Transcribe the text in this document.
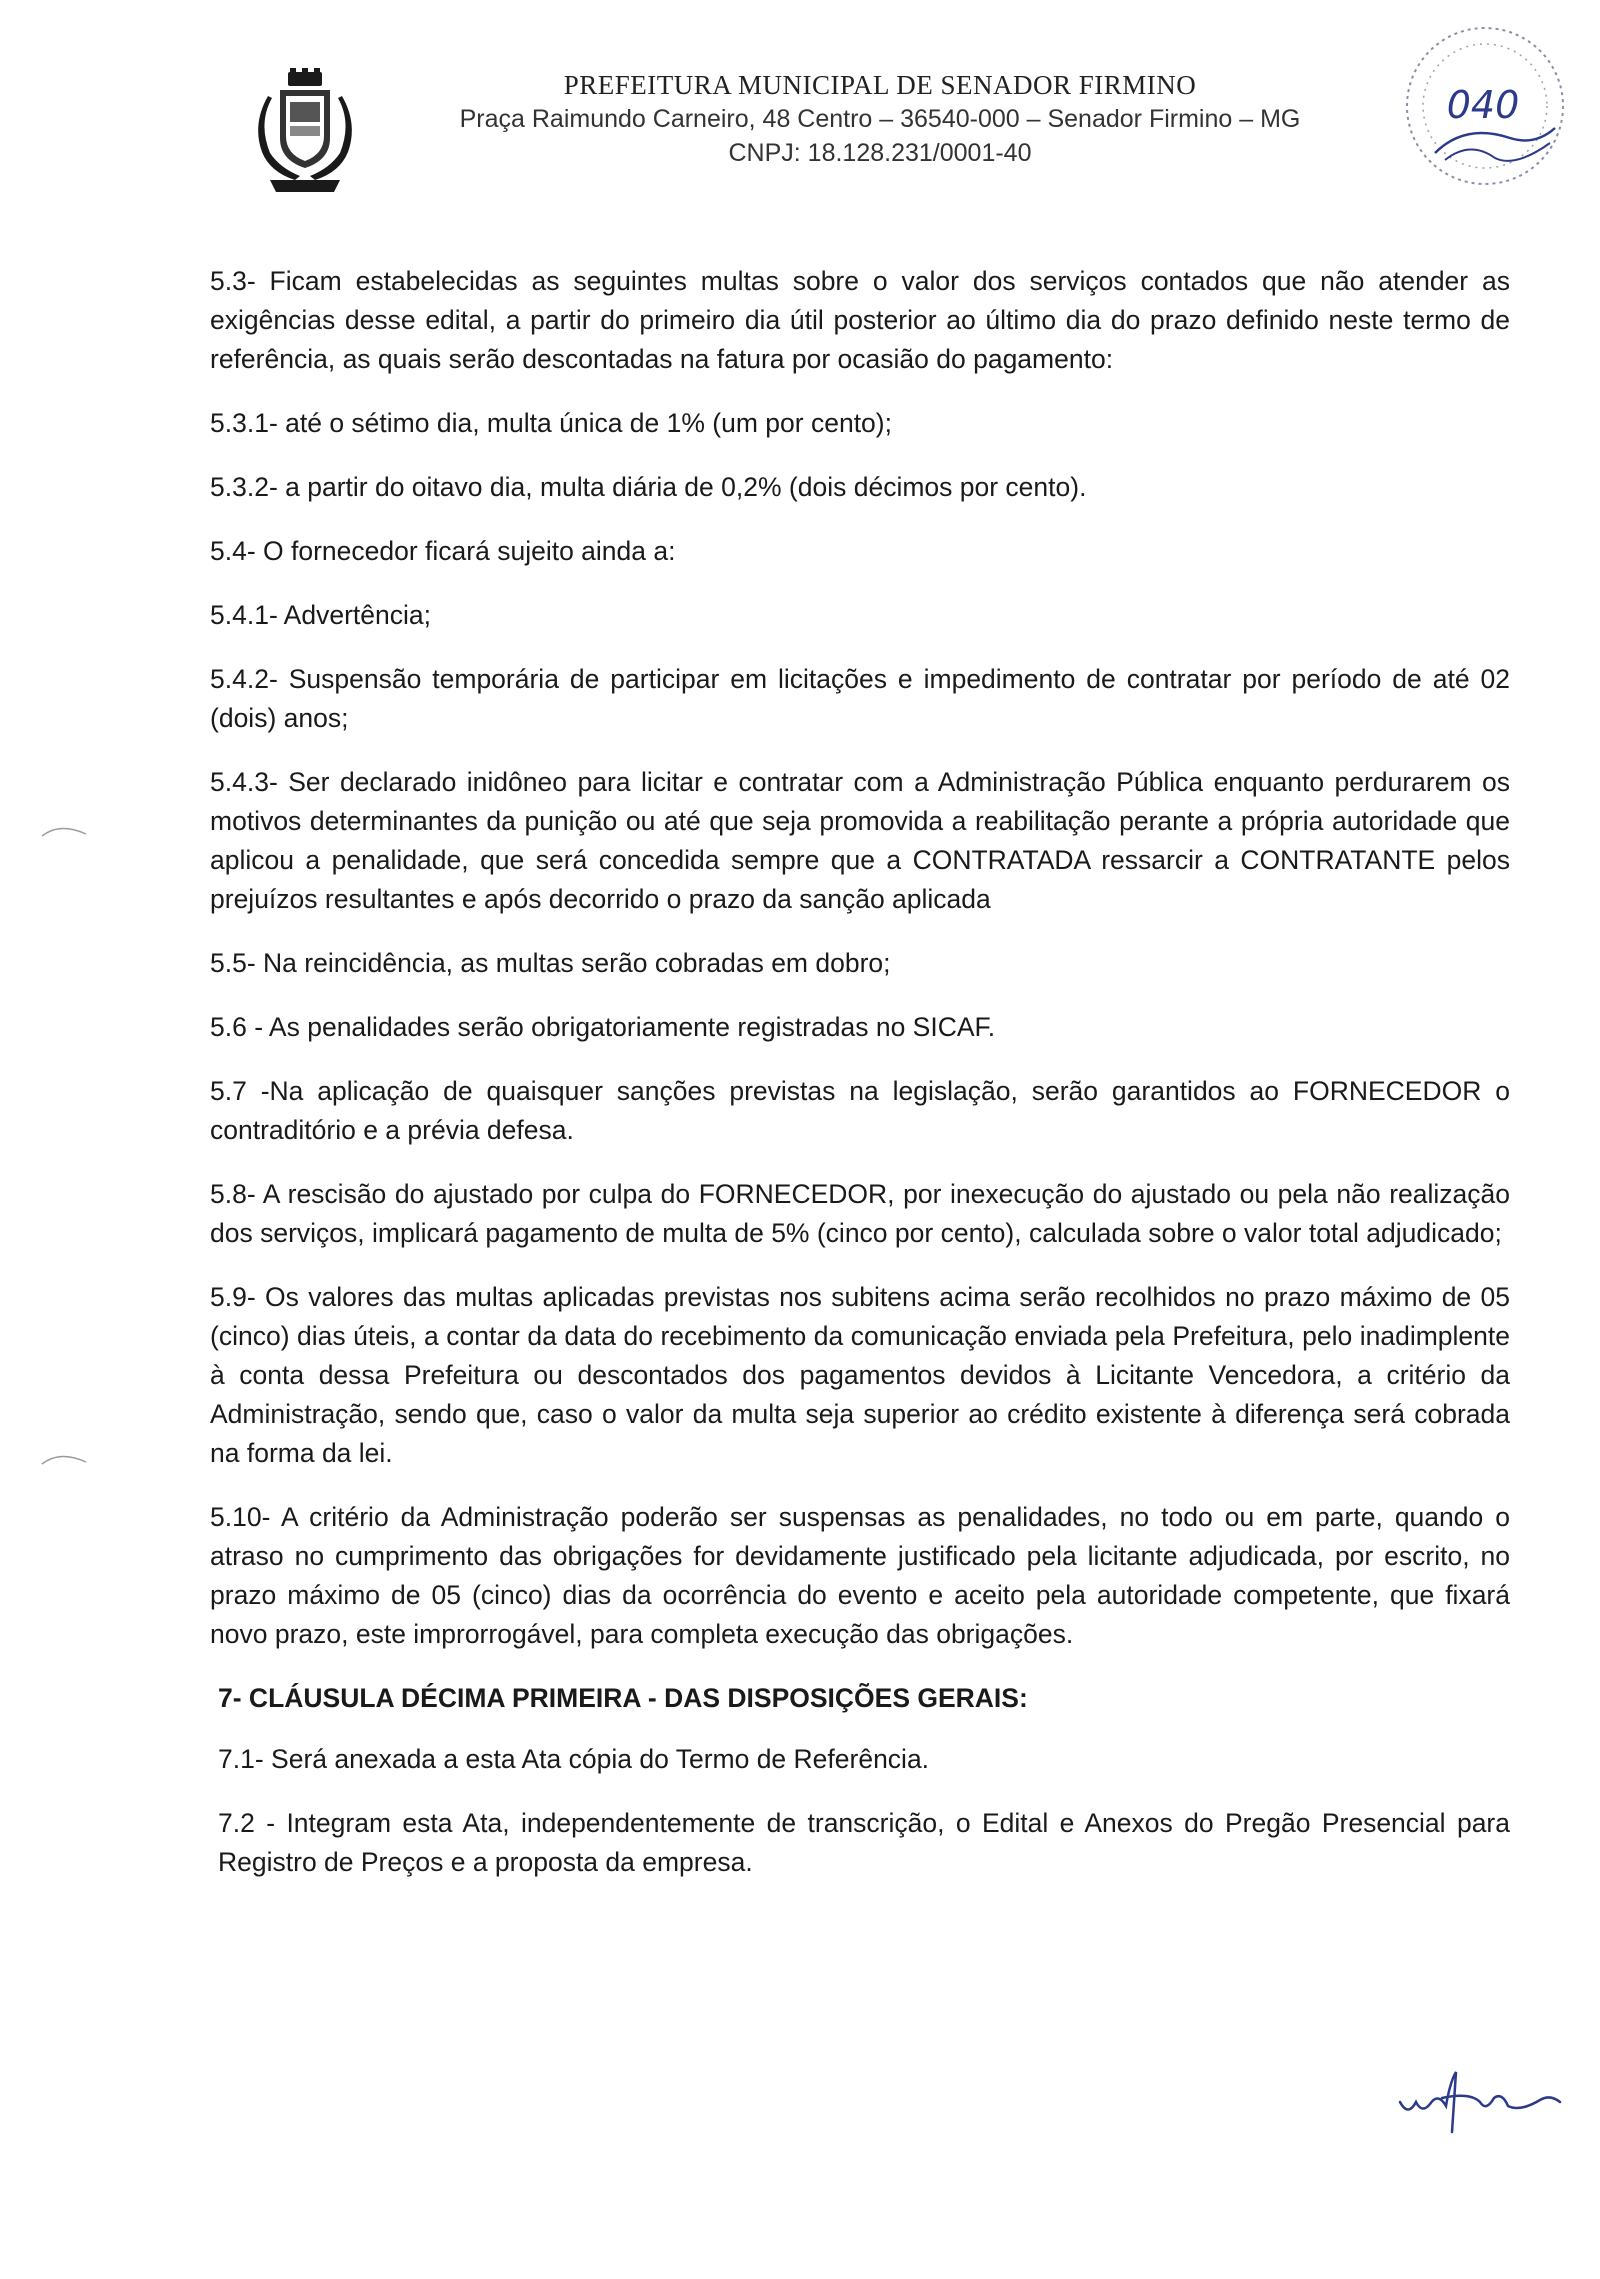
PREFEITURA MUNICIPAL DE SENADOR FIRMINO
Praça Raimundo Carneiro, 48 Centro – 36540-000 – Senador Firmino – MG
CNPJ: 18.128.231/0001-40
040

5.3- Ficam estabelecidas as seguintes multas sobre o valor dos serviços contados que não atender as exigências desse edital, a partir do primeiro dia útil posterior ao último dia do prazo definido neste termo de referência, as quais serão descontadas na fatura por ocasião do pagamento:

5.3.1- até o sétimo dia, multa única de 1% (um por cento);

5.3.2- a partir do oitavo dia, multa diária de 0,2% (dois décimos por cento).

5.4- O fornecedor ficará sujeito ainda a:

5.4.1- Advertência;

5.4.2- Suspensão temporária de participar em licitações e impedimento de contratar por período de até 02 (dois) anos;

5.4.3- Ser declarado inidôneo para licitar e contratar com a Administração Pública enquanto perdurarem os motivos determinantes da punição ou até que seja promovida a reabilitação perante a própria autoridade que aplicou a penalidade, que será concedida sempre que a CONTRATADA ressarcir a CONTRATANTE pelos prejuízos resultantes e após decorrido o prazo da sanção aplicada

5.5- Na reincidência, as multas serão cobradas em dobro;

5.6 - As penalidades serão obrigatoriamente registradas no SICAF.

5.7 -Na aplicação de quaisquer sanções previstas na legislação, serão garantidos ao FORNECEDOR o contraditório e a prévia defesa.

5.8- A rescisão do ajustado por culpa do FORNECEDOR, por inexecução do ajustado ou pela não realização dos serviços, implicará pagamento de multa de 5% (cinco por cento), calculada sobre o valor total adjudicado;

5.9- Os valores das multas aplicadas previstas nos subitens acima serão recolhidos no prazo máximo de 05 (cinco) dias úteis, a contar da data do recebimento da comunicação enviada pela Prefeitura, pelo inadimplente à conta dessa Prefeitura ou descontados dos pagamentos devidos à Licitante Vencedora, a critério da Administração, sendo que, caso o valor da multa seja superior ao crédito existente à diferença será cobrada na forma da lei.

5.10- A critério da Administração poderão ser suspensas as penalidades, no todo ou em parte, quando o atraso no cumprimento das obrigações for devidamente justificado pela licitante adjudicada, por escrito, no prazo máximo de 05 (cinco) dias da ocorrência do evento e aceito pela autoridade competente, que fixará novo prazo, este improrrogável, para completa execução das obrigações.

7- CLÁUSULA DÉCIMA PRIMEIRA - DAS DISPOSIÇÕES GERAIS:

7.1- Será anexada a esta Ata cópia do Termo de Referência.

7.2 - Integram esta Ata, independentemente de transcrição, o Edital e Anexos do Pregão Presencial para Registro de Preços e a proposta da empresa.
